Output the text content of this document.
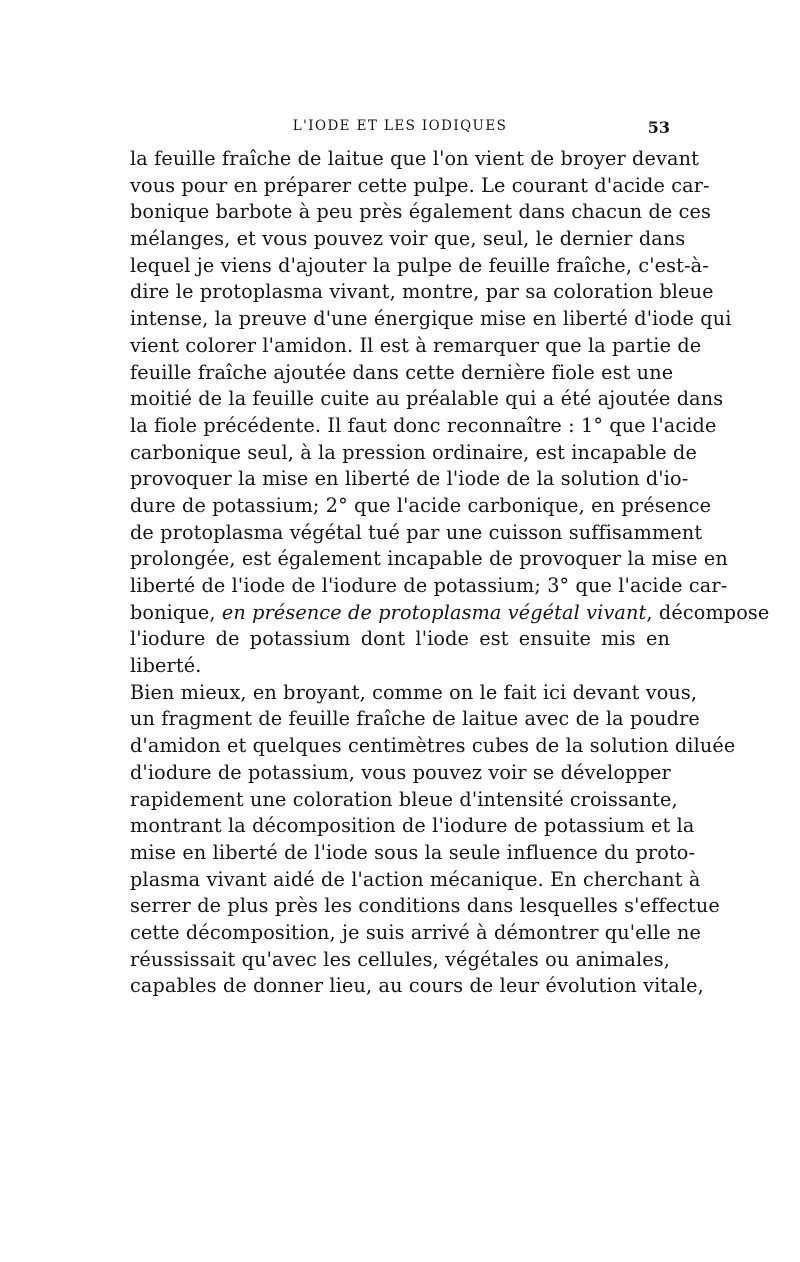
L'IODE ET LES IODIQUES	53
la feuille fraîche de laitue que l'on vient de broyer devant
vous pour en préparer cette pulpe. Le courant d'acide car-
bonique barbote à peu près également dans chacun de ces
mélanges, et vous pouvez voir que, seul, le dernier dans
lequel je viens d'ajouter la pulpe de feuille fraîche, c'est-à-
dire le protoplasma vivant, montre, par sa coloration bleue
intense, la preuve d'une énergique mise en liberté d'iode qui
vient colorer l'amidon. Il est à remarquer que la partie de
feuille fraîche ajoutée dans cette dernière fiole est une
moitié de la feuille cuite au préalable qui a été ajoutée dans
la fiole précédente. Il faut donc reconnaître : 1° que l'acide
carbonique seul, à la pression ordinaire, est incapable de
provoquer la mise en liberté de l'iode de la solution d'io-
dure de potassium; 2° que l'acide carbonique, en présence
de protoplasma végétal tué par une cuisson suffisamment
prolongée, est également incapable de provoquer la mise en
liberté de l'iode de l'iodure de potassium; 3° que l'acide car-
bonique, en présence de protoplasma végétal vivant, décompose
l'iodure de potassium dont l'iode est ensuite mis en
liberté.
Bien mieux, en broyant, comme on le fait ici devant vous,
un fragment de feuille fraîche de laitue avec de la poudre
d'amidon et quelques centimètres cubes de la solution diluée
d'iodure de potassium, vous pouvez voir se développer
rapidement une coloration bleue d'intensité croissante,
montrant la décomposition de l'iodure de potassium et la
mise en liberté de l'iode sous la seule influence du proto-
plasma vivant aidé de l'action mécanique. En cherchant à
serrer de plus près les conditions dans lesquelles s'effectue
cette décomposition, je suis arrivé à démontrer qu'elle ne
réussissait qu'avec les cellules, végétales ou animales,
capables de donner lieu, au cours de leur évolution vitale,
